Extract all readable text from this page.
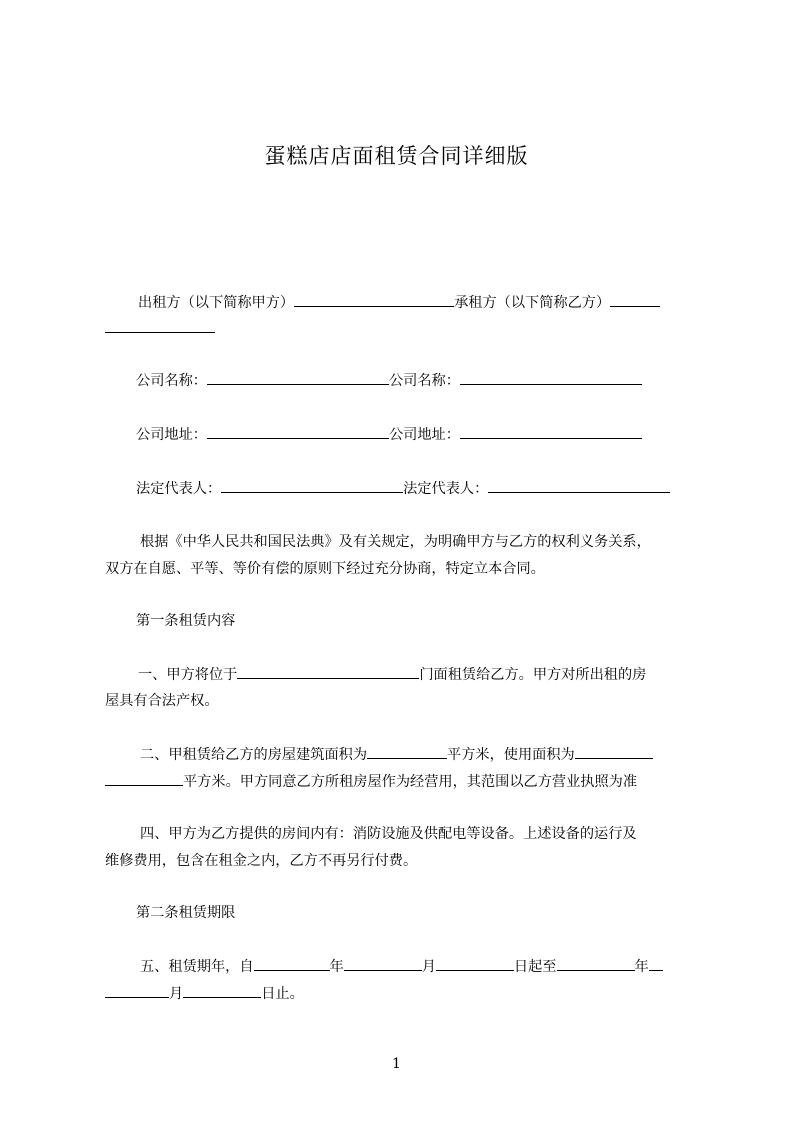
蛋糕店店面租赁合同详细版
出租方（以下简称甲方）	承租方（以下简称乙方）
公司名称：	公司名称：
公司地址：	公司地址：
法定代表人：	法定代表人：
根据《中华人民共和国民法典》及有关规定，为明确甲方与乙方的权利义务关系，
双方在自愿、平等、等价有偿的原则下经过充分协商，特定立本合同。
第一条租赁内容
一、甲方将位于	门面租赁给乙方。甲方对所出租的房
屋具有合法产权。
二、甲租赁给乙方的房屋建筑面积为	平方米，使用面积为
平方米。甲方同意乙方所租房屋作为经营用，其范围以乙方营业执照为准
四、甲方为乙方提供的房间内有：消防设施及供配电等设备。上述设备的运行及
维修费用，包含在租金之内，乙方不再另行付费。
第二条租赁期限
五、租赁期年，自	年	月	日起至	年
月	日止。
1
